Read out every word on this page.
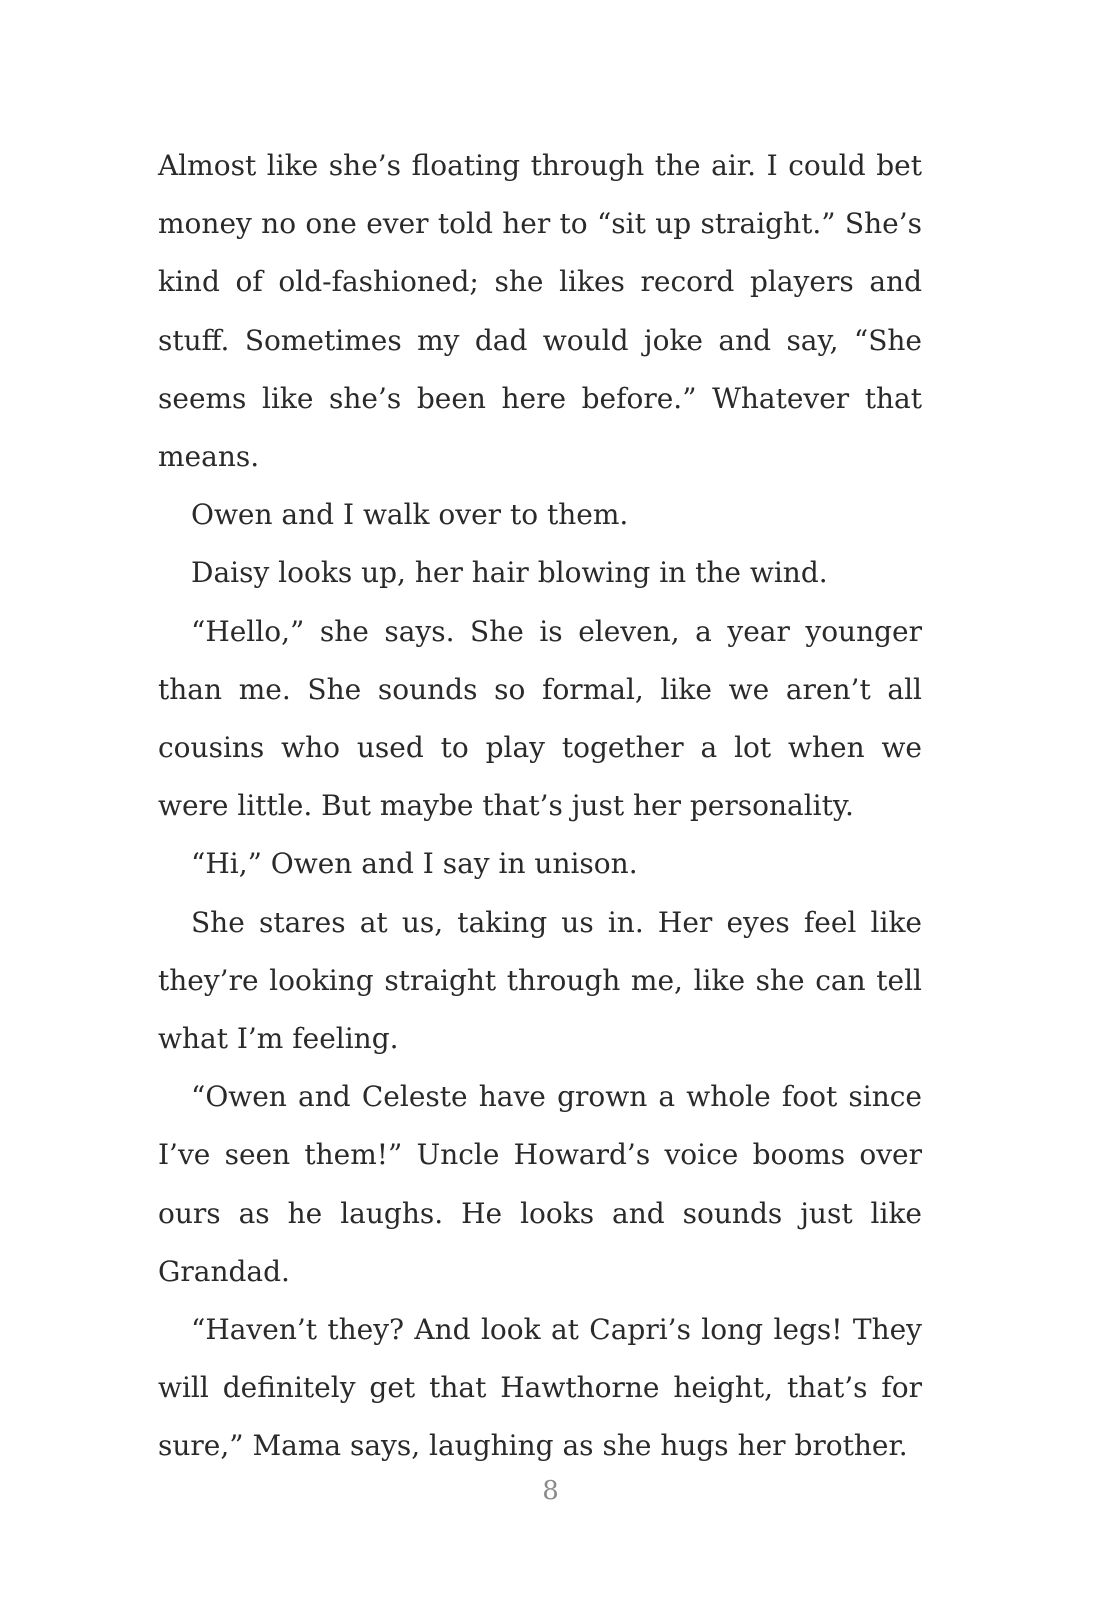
Almost like she’s floating through the air. I could bet money no one ever told her to “sit up straight.” She’s kind of old-fashioned; she likes record players and stuff. Sometimes my dad would joke and say, “She seems like she’s been here before.” Whatever that means.

Owen and I walk over to them.

Daisy looks up, her hair blowing in the wind.

“Hello,” she says. She is eleven, a year younger than me. She sounds so formal, like we aren’t all cousins who used to play together a lot when we were little. But maybe that’s just her personality.

“Hi,” Owen and I say in unison.

She stares at us, taking us in. Her eyes feel like they’re looking straight through me, like she can tell what I’m feeling.

“Owen and Celeste have grown a whole foot since I’ve seen them!” Uncle Howard’s voice booms over ours as he laughs. He looks and sounds just like Grandad.

“Haven’t they? And look at Capri’s long legs! They will definitely get that Hawthorne height, that’s for sure,” Mama says, laughing as she hugs her brother.

8
